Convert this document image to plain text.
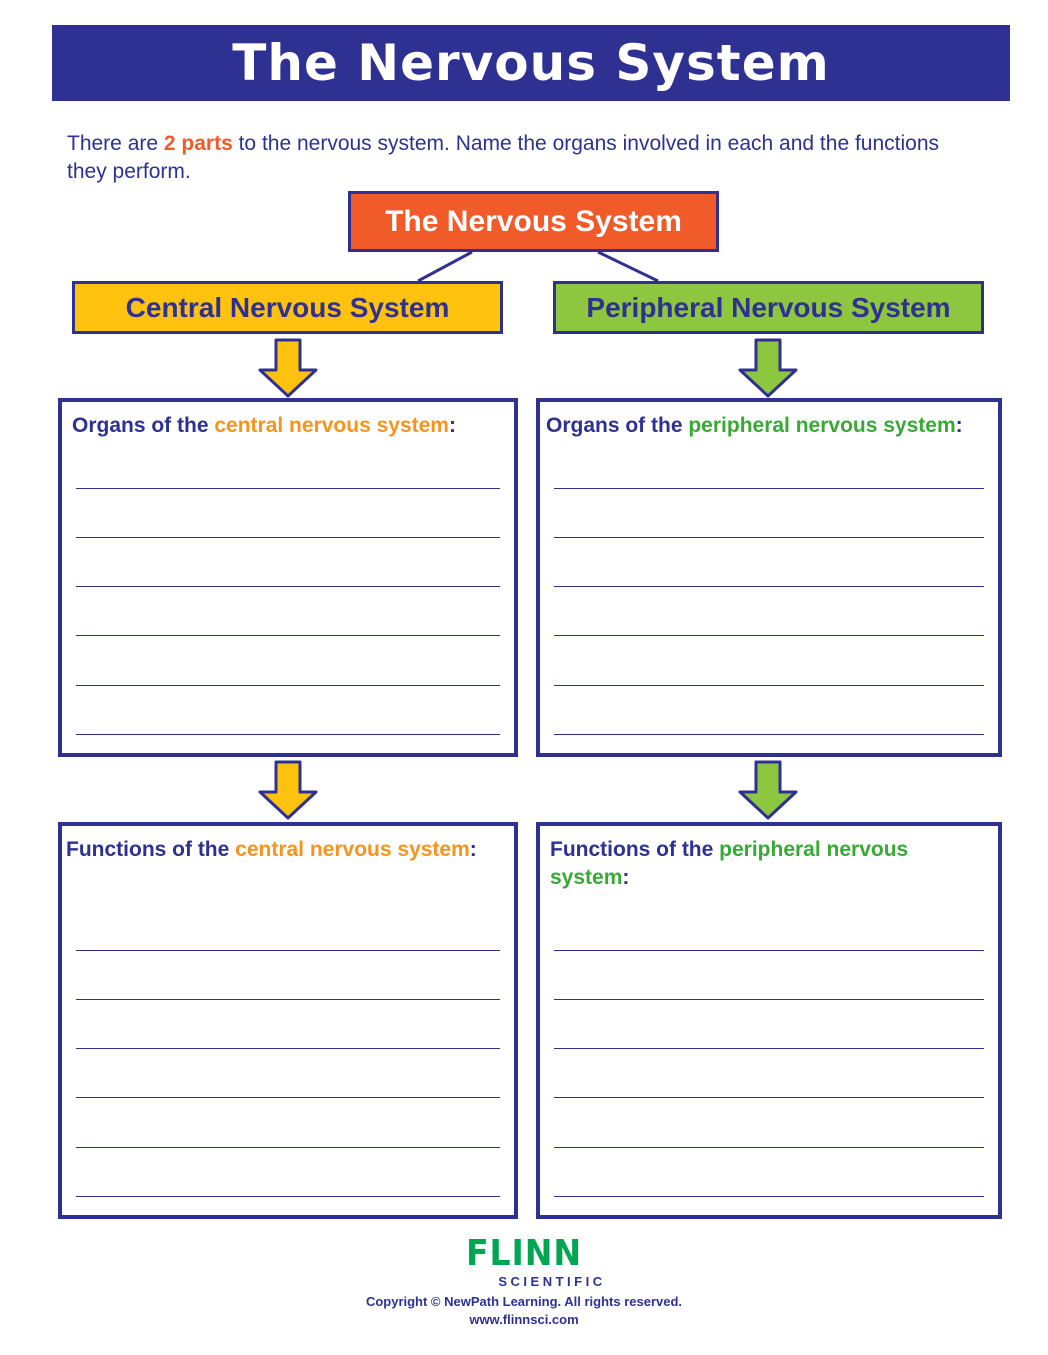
The Nervous System
There are 2 parts to the nervous system. Name the organs involved in each and the functions they perform.
The Nervous System
Central Nervous System	Peripheral Nervous System
Organs of the central nervous system:	Organs of the peripheral nervous system:
Functions of the central nervous system:	Functions of the peripheral nervous system:
FLINN
SCIENTIFIC
Copyright © NewPath Learning. All rights reserved.
www.flinnsci.com
